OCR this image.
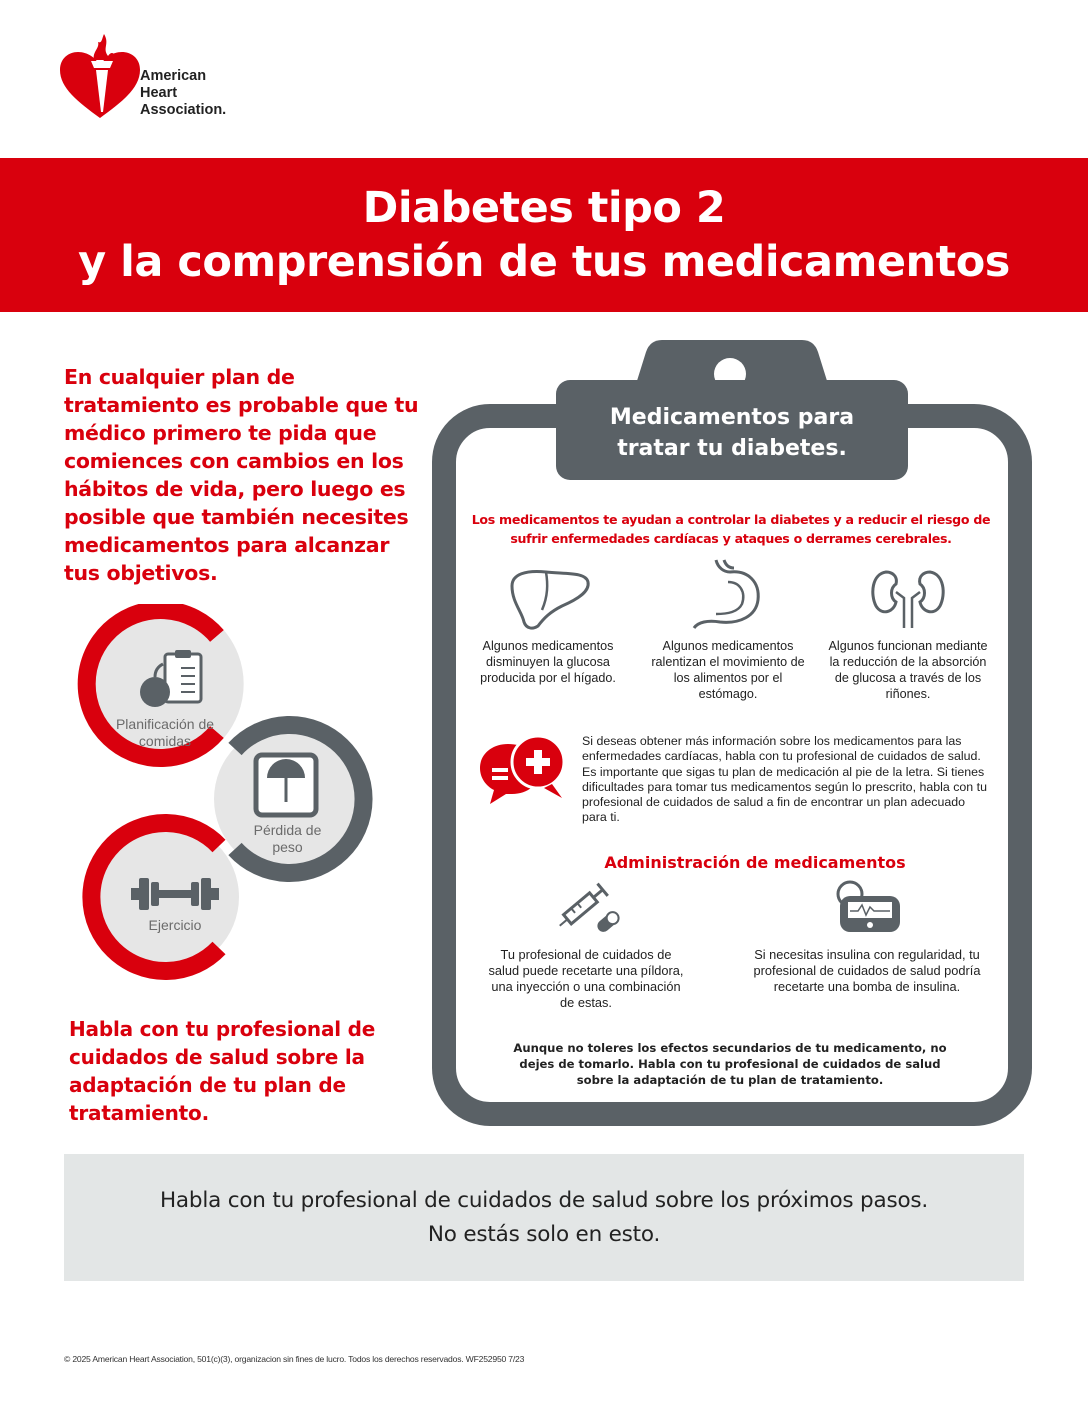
American
Heart
Association.
Diabetes tipo 2
y la comprensión de tus medicamentos
En cualquier plan de tratamiento es probable que tu médico primero te pida que comiences con cambios en los hábitos de vida, pero luego es posible que también necesites medicamentos para alcanzar tus objetivos.
Planificación de comidas
Pérdida de peso
Ejercicio
Habla con tu profesional de cuidados de salud sobre la adaptación de tu plan de tratamiento.
Medicamentos para
tratar tu diabetes.
Los medicamentos te ayudan a controlar la diabetes y a reducir el riesgo de sufrir enfermedades cardíacas y ataques o derrames cerebrales.
Algunos medicamentos disminuyen la glucosa producida por el hígado.
Algunos medicamentos ralentizan el movimiento de los alimentos por el estómago.
Algunos funcionan mediante la reducción de la absorción de glucosa a través de los riñones.
Si deseas obtener más información sobre los medicamentos para las enfermedades cardíacas, habla con tu profesional de cuidados de salud. Es importante que sigas tu plan de medicación al pie de la letra. Si tienes dificultades para tomar tus medicamentos según lo prescrito, habla con tu profesional de cuidados de salud a fin de encontrar un plan adecuado para ti.
Administración de medicamentos
Tu profesional de cuidados de salud puede recetarte una píldora, una inyección o una combinación de estas.
Si necesitas insulina con regularidad, tu profesional de cuidados de salud podría recetarte una bomba de insulina.
Aunque no toleres los efectos secundarios de tu medicamento, no dejes de tomarlo. Habla con tu profesional de cuidados de salud sobre la adaptación de tu plan de tratamiento.
Habla con tu profesional de cuidados de salud sobre los próximos pasos.
No estás solo en esto.
© 2025 American Heart Association, 501(c)(3), organizacion sin fines de lucro. Todos los derechos reservados. WF252950 7/23
